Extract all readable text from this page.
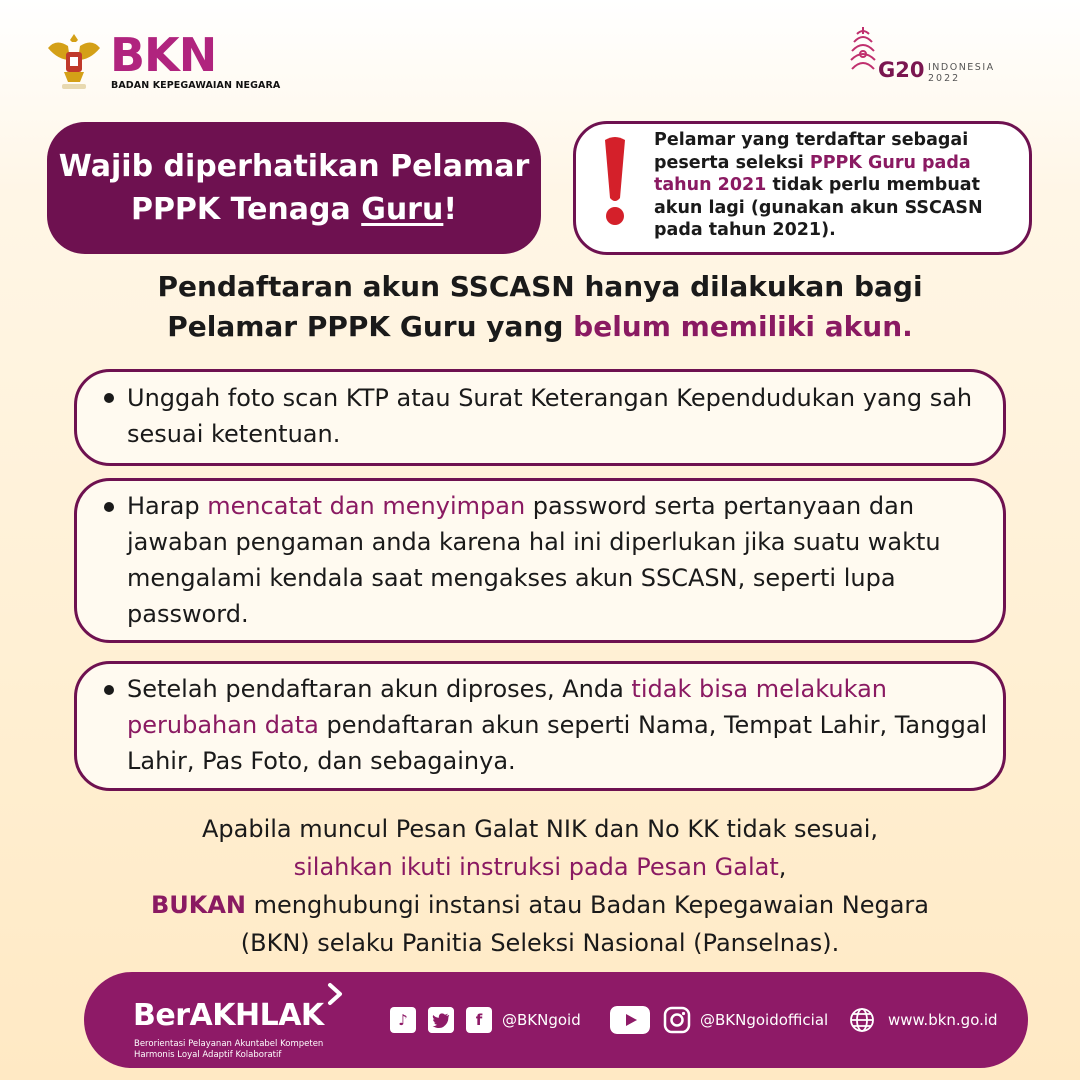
BKN
BADAN KEPEGAWAIAN NEGARA
G20 INDONESIA
2022
Wajib diperhatikan Pelamar
PPPK Tenaga Guru!
Pelamar yang terdaftar sebagai peserta seleksi PPPK Guru pada tahun 2021 tidak perlu membuat akun lagi (gunakan akun SSCASN pada tahun 2021).
Pendaftaran akun SSCASN hanya dilakukan bagi
Pelamar PPPK Guru yang belum memiliki akun.
Unggah foto scan KTP atau Surat Keterangan Kependudukan yang sah sesuai ketentuan.
Harap mencatat dan menyimpan password serta pertanyaan dan jawaban pengaman anda karena hal ini diperlukan jika suatu waktu mengalami kendala saat mengakses akun SSCASN, seperti lupa password.
Setelah pendaftaran akun diproses, Anda tidak bisa melakukan perubahan data pendaftaran akun seperti Nama, Tempat Lahir, Tanggal Lahir, Pas Foto, dan sebagainya.
Apabila muncul Pesan Galat NIK dan No KK tidak sesuai,
silahkan ikuti instruksi pada Pesan Galat,
BUKAN menghubungi instansi atau Badan Kepegawaian Negara
(BKN) selaku Panitia Seleksi Nasional (Panselnas).
BerAKHLAK
Berorientasi Pelayanan Akuntabel Kompeten
Harmonis Loyal Adaptif Kolaboratif
♪	f	@BKNgoid	@BKNgoidofficial	www.bkn.go.id
